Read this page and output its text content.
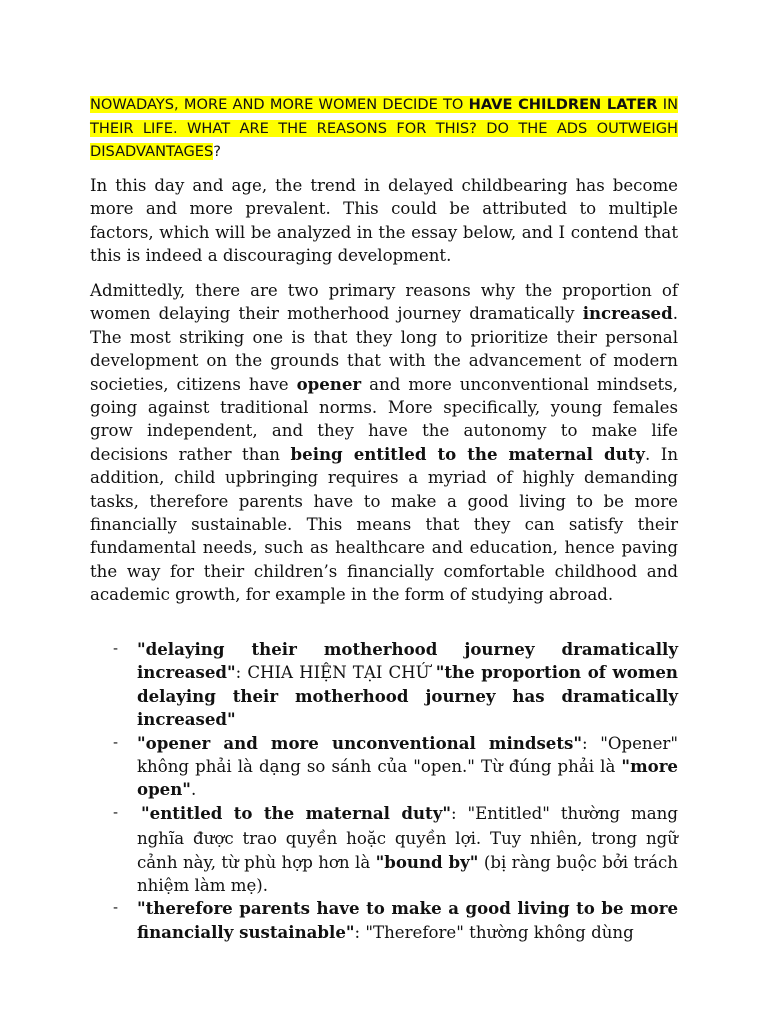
NOWADAYS, MORE AND MORE WOMEN DECIDE TO HAVE CHILDREN LATER IN THEIR LIFE. WHAT ARE THE REASONS FOR THIS? DO THE ADS OUTWEIGH DISADVANTAGES?

In this day and age, the trend in delayed childbearing has become more and more prevalent. This could be attributed to multiple factors, which will be analyzed in the essay below, and I contend that this is indeed a discouraging development.

Admittedly, there are two primary reasons why the proportion of women delaying their motherhood journey dramatically increased. The most striking one is that they long to prioritize their personal development on the grounds that with the advancement of modern societies, citizens have opener and more unconventional mindsets, going against traditional norms. More specifically, young females grow independent, and they have the autonomy to make life decisions rather than being entitled to the maternal duty. In addition, child upbringing requires a myriad of highly demanding tasks, therefore parents have to make a good living to be more financially sustainable. This means that they can satisfy their fundamental needs, such as healthcare and education, hence paving the way for their children’s financially comfortable childhood and academic growth, for example in the form of studying abroad.

- "delaying their motherhood journey dramatically increased": CHIA HIỆN TẠI CHỨ "the proportion of women delaying their motherhood journey has dramatically increased"
- "opener and more unconventional mindsets": "Opener" không phải là dạng so sánh của "open." Từ đúng phải là "more open".
- "entitled to the maternal duty": "Entitled" thường mang nghĩa được trao quyền hoặc quyền lợi. Tuy nhiên, trong ngữ cảnh này, từ phù hợp hơn là "bound by" (bị ràng buộc bởi trách nhiệm làm mẹ).
- "therefore parents have to make a good living to be more financially sustainable": "Therefore" thường không dùng
